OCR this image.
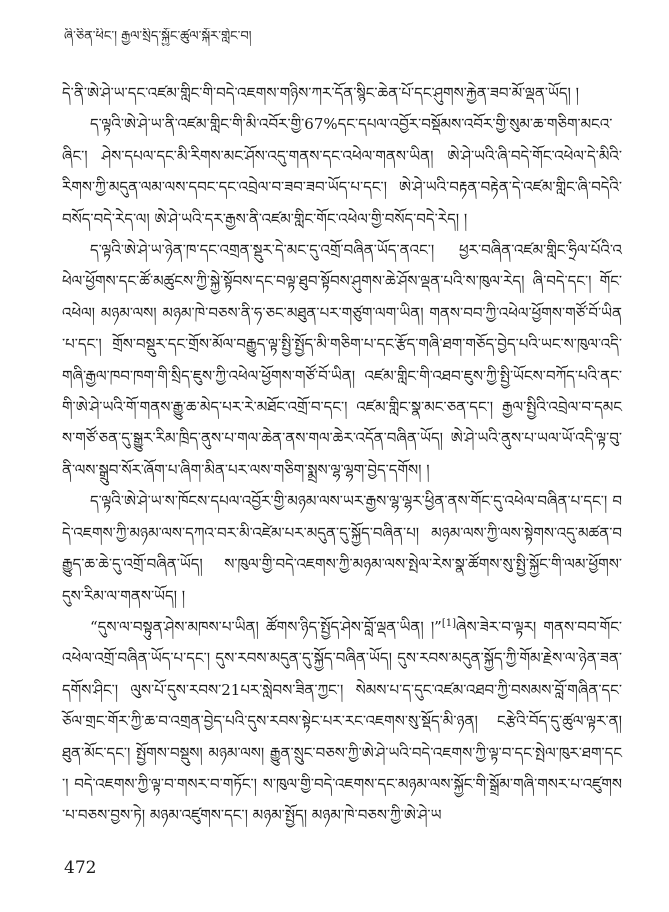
ཞི་ཅིན་ཕིང་། རྒྱལ་སྲིད་སྐྱོང་ཚུལ་སྐོར་གླེང་བ།

དེ་ནི་ཨེ་ཤེ་ཡ་དང་འཛམ་གླིང་གི་བདེ་འཇགས་གཉིས་ཀར་དོན་སྙིང་ཆེན་པོ་དང་ཤུགས་རྐྱེན་ཟབ་མོ་ལྡན་ཡོད། །

ད་ལྟའི་ཨེ་ཤེ་ཡ་ནི་འཛམ་གླིང་གི་མི་འབོར་གྱི་67%དང་དཔལ་འབྱོར་བསྡོམས་འབོར་གྱི་སུམ་ཆ་གཅིག་མངའ་ཞིང་། ཤེས་དཔལ་དང་མི་རིགས་མང་ཤོས་འདུ་གནས་དང་འཕེལ་གནས་ཡིན། ཨེ་ཤེ་ཡའི་ཞི་བདེ་གོང་འཕེལ་དེ་མིའི་རིགས་ཀྱི་མདུན་ལམ་ལས་དབང་དང་འབྲེལ་བ་ཟབ་ཟབ་ཡོད་པ་དང་། ཨེ་ཤེ་ཡའི་བརྟན་བརྟེན་དེ་འཛམ་གླིང་ཞི་བདེའི་བསོད་བདེ་རེད་ལ། ཨེ་ཤེ་ཡའི་དར་རྒྱས་ནི་འཛམ་གླིང་གོང་འཕེལ་གྱི་བསོད་བདེ་རེད། །

ད་ལྟའི་ཨེ་ཤེ་ཡ་ཉེན་ཁ་དང་འགྲན་སྡུར་དེ་མང་དུ་འགྲོ་བཞིན་ཡོད་ནའང་། ཕྱར་བཞིན་འཛམ་གླིང་ཧྲིལ་པོའི་འཕེལ་ཕྱོགས་དང་ཚོ་མཚུངས་ཀྱི་སྐྱེ་སྟོབས་དང་བལྟ་ཐུབ་སྟོབས་ཤུགས་ཆེ་ཤོས་ལྡན་པའི་ས་ཁུལ་རེད། ཞི་བདེ་དང་། གོང་འཕེལ། མཉམ་ལས། མཉམ་ཁེ་བཅས་ནི་ཧ་ཅང་མཐུན་པར་གཙུག་ལག་ཡིན། གནས་བབ་ཀྱི་འཕེལ་ཕྱོགས་གཙོ་བོ་ཡིན་པ་དང་། གྲོས་བསྡུར་དང་གྲོས་མོལ་བརྒྱུད་ལྟ་སྤྱི་སྤྱོད་མི་གཅིག་པ་དང་རྩོད་གཞི་ཐག་གཅོད་བྱེད་པའི་ཡང་ས་ཁུལ་འདི་གཞི་རྒྱལ་ཁབ་ཁག་གི་སྲིད་ཇུས་ཀྱི་འཕེལ་ཕྱོགས་གཙོ་བོ་ཡིན། འཛམ་གླིང་གི་འཐབ་ཇུས་ཀྱི་སྤྱི་ཡོངས་བཀོད་པའི་ནང་གི་ཨེ་ཤེ་ཡའི་གོ་གནས་རྒྱུ་ཆ་མེད་པར་རེ་མཐོང་འགྲོ་བ་དང་། འཛམ་གླིང་སྣ་མང་ཅན་དང་། རྒྱལ་སྤྱིའི་འབྲེལ་བ་དམངས་གཙོ་ཅན་དུ་སྒྱུར་རིམ་ཁྲིད་ནུས་པ་གལ་ཆེན་ནས་གལ་ཆེར་འདོན་བཞིན་ཡོད། ཨེ་ཤེ་ཡའི་ནུས་པ་ཡལ་ཡོ་འདི་ལྟ་བུ་ནི་ལས་སྒྲུབ་སོར་ཞོག་པ་ཞིག་མིན་པར་ལས་གཅིག་སྨྲས་ལྷ་ལྷག་བྱེད་དགོས། །

ད་ལྟའི་ཨེ་ཤེ་ཡ་ས་ཁོངས་དཔལ་འབྱོར་གྱི་མཉམ་ལས་ཡར་རྒྱས་ལྷ་ལྷར་ཕྱིན་ནས་གོང་དུ་འཕེལ་བཞིན་པ་དང་། བདེ་འཇགས་ཀྱི་མཉམ་ལས་དཀའ་བར་མི་འཛེམ་པར་མདུན་དུ་སྐྱོད་བཞིན་པ། མཉམ་ལས་ཀྱི་ལས་སྟེགས་འདུ་མཚན་བརྒྱུད་ཆ་ཆེ་དུ་འགྲོ་བཞིན་ཡོད། ས་ཁུལ་གྱི་བདེ་འཇགས་ཀྱི་མཉམ་ལས་སྤེལ་རེས་སྣ་ཚོགས་སུ་སྤྱི་སྐྱོང་གི་ལམ་ཕྱོགས་དུས་རིམ་ལ་གནས་ཡོད། །

“དུས་ལ་བསྟུན་ཤེས་མཁས་པ་ཡིན། ཚོགས་ཉིད་སྤྱོད་ཤེས་བློ་ལྡན་ཡིན། །”[1]ཞེས་ཟེར་བ་ལྟར། གནས་བབ་གོང་འཕེལ་འགྲོ་བཞིན་ཡོད་པ་དང་། དུས་རབས་མདུན་དུ་སྐྱོད་བཞིན་ཡོད། དུས་རབས་མདུན་སྐྱོད་ཀྱི་གོམ་རྗེས་ལ་ཉེན་ཟན་དགོས་ཤིང་། ལུས་པོ་དུས་རབས་21པར་སླེབས་ཟིན་ཀྱང་། སེམས་པ་ད་དུང་འཛམ་འཐབ་ཀྱི་བསམས་བློ་གཞིན་དང་ཅོལ་གྲང་གོར་ཀྱི་ཆ་བ་འགྲན་བྱེད་པའི་དུས་རབས་སྟེང་པར་རང་འཇགས་སུ་སྡོད་མི་ཉན། ངརྩེའི་བོད་དུ་ཚུལ་ལྟར་ན། ཐུན་མོང་དང་། སྤྱོགས་བསྡུས། མཉམ་ལས། རྒྱུན་སྲུང་བཅས་ཀྱི་ཨེ་ཤེ་ཡའི་བདེ་འཇགས་ཀྱི་ལྟ་བ་དང་སྤེལ་ཁུར་ཐག་དང་། བདེ་འཇགས་ཀྱི་ལྟ་བ་གསར་བ་གཏོང་། ས་ཁུལ་གྱི་བདེ་འཇགས་དང་མཉམ་ལས་སྐྱོང་གི་སྒྲོམ་གཞི་གསར་པ་འཛུགས་པ་བཅས་བྱས་ཏེ། མཉམ་འཛུགས་དང་། མཉམ་སྤྱོད། མཉམ་ཁེ་བཅས་ཀྱི་ཨེ་ཤེ་ཡ

472
